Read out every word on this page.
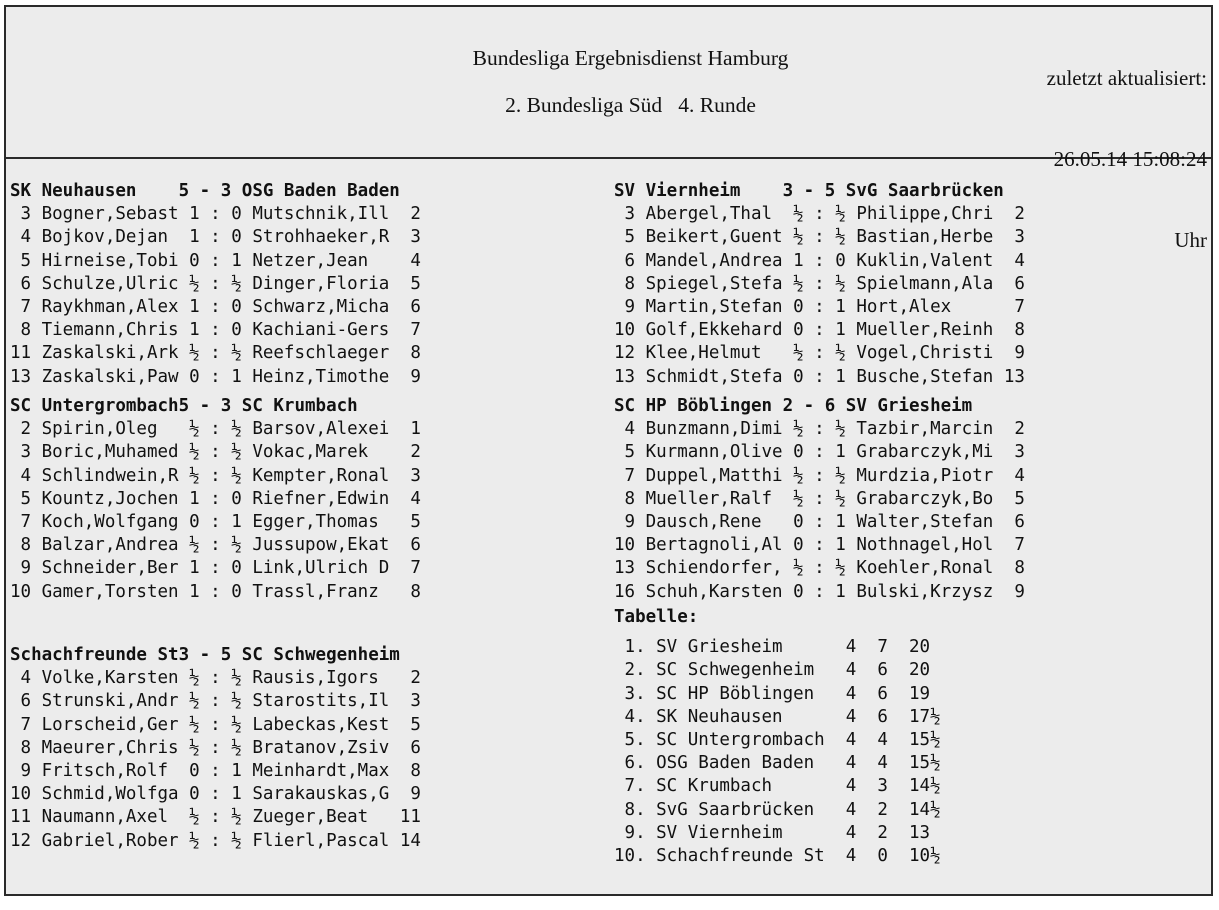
zuletzt aktualisiert:

26.05.14 15:08:24

Uhr

Bundesliga Ergebnisdienst Hamburg
2. Bundesliga Süd   4. Runde
SK Neuhausen    5 - 3 OSG Baden Baden
3 Bogner,Sebast 1 : 0 Mutschnik,Ill  2
4 Bojkov,Dejan  1 : 0 Strohhaeker,R  3
5 Hirneise,Tobi 0 : 1 Netzer,Jean    4
6 Schulze,Ulric ½ : ½ Dinger,Floria  5
7 Raykhman,Alex 1 : 0 Schwarz,Micha  6
8 Tiemann,Chris 1 : 0 Kachiani-Gers  7
11 Zaskalski,Ark ½ : ½ Reefschlaeger  8
13 Zaskalski,Paw 0 : 1 Heinz,Timothe  9
SC Untergrombach5 - 3 SC Krumbach
2 Spirin,Oleg   ½ : ½ Barsov,Alexei  1
3 Boric,Muhamed ½ : ½ Vokac,Marek    2
4 Schlindwein,R ½ : ½ Kempter,Ronal  3
5 Kountz,Jochen 1 : 0 Riefner,Edwin  4
7 Koch,Wolfgang 0 : 1 Egger,Thomas   5
8 Balzar,Andrea ½ : ½ Jussupow,Ekat  6
9 Schneider,Ber 1 : 0 Link,Ulrich D  7
10 Gamer,Torsten 1 : 0 Trassl,Franz   8
Schachfreunde St3 - 5 SC Schwegenheim
4 Volke,Karsten ½ : ½ Rausis,Igors   2
6 Strunski,Andr ½ : ½ Starostits,Il  3
7 Lorscheid,Ger ½ : ½ Labeckas,Kest  5
8 Maeurer,Chris ½ : ½ Bratanov,Zsiv  6
9 Fritsch,Rolf  0 : 1 Meinhardt,Max  8
10 Schmid,Wolfga 0 : 1 Sarakauskas,G  9
11 Naumann,Axel  ½ : ½ Zueger,Beat   11
12 Gabriel,Rober ½ : ½ Flierl,Pascal 14
SV Viernheim    3 - 5 SvG Saarbrücken
3 Abergel,Thal  ½ : ½ Philippe,Chri  2
5 Beikert,Guent ½ : ½ Bastian,Herbe  3
6 Mandel,Andrea 1 : 0 Kuklin,Valent  4
8 Spiegel,Stefa ½ : ½ Spielmann,Ala  6
9 Martin,Stefan 0 : 1 Hort,Alex      7
10 Golf,Ekkehard 0 : 1 Mueller,Reinh  8
12 Klee,Helmut   ½ : ½ Vogel,Christi  9
13 Schmidt,Stefa 0 : 1 Busche,Stefan 13
SC HP Böblingen 2 - 6 SV Griesheim
4 Bunzmann,Dimi ½ : ½ Tazbir,Marcin  2
5 Kurmann,Olive 0 : 1 Grabarczyk,Mi  3
7 Duppel,Matthi ½ : ½ Murdzia,Piotr  4
8 Mueller,Ralf  ½ : ½ Grabarczyk,Bo  5
9 Dausch,Rene   0 : 1 Walter,Stefan  6
10 Bertagnoli,Al 0 : 1 Nothnagel,Hol  7
13 Schiendorfer, ½ : ½ Koehler,Ronal  8
16 Schuh,Karsten 0 : 1 Bulski,Krzysz  9
Tabelle:
1. SV Griesheim      4  7  20
2. SC Schwegenheim   4  6  20
3. SC HP Böblingen   4  6  19
4. SK Neuhausen      4  6  17½
5. SC Untergrombach  4  4  15½
6. OSG Baden Baden   4  4  15½
7. SC Krumbach       4  3  14½
8. SvG Saarbrücken   4  2  14½
9. SV Viernheim      4  2  13
10. Schachfreunde St  4  0  10½
